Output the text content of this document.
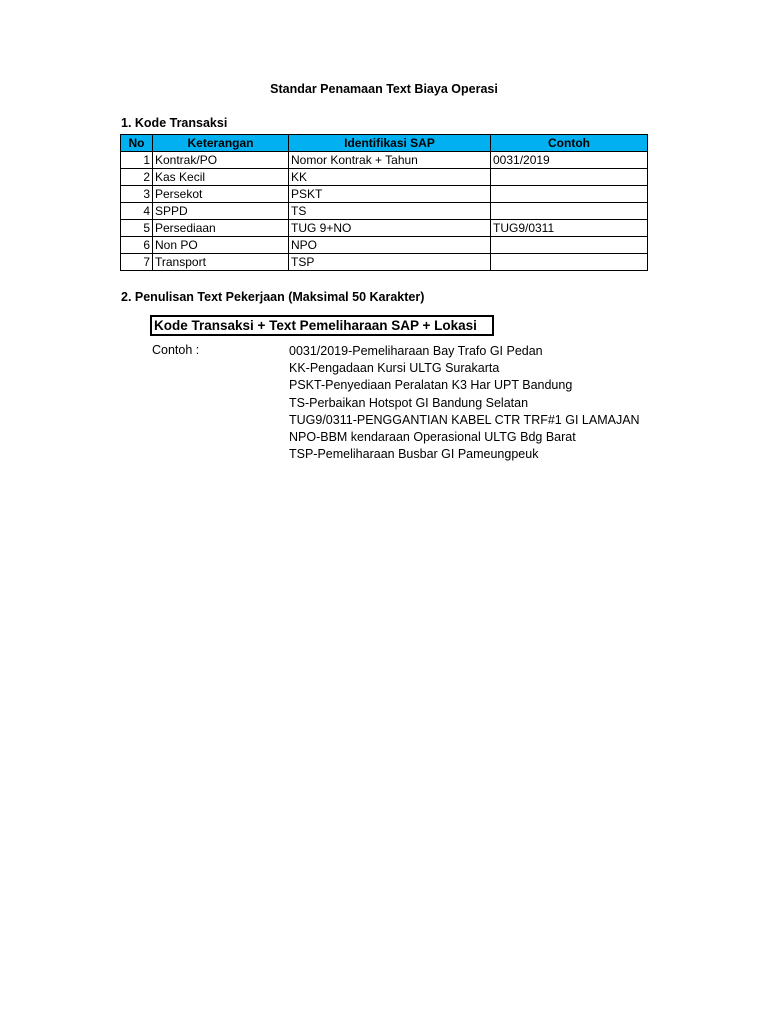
Standar Penamaan Text Biaya Operasi
1. Kode Transaksi
No	Keterangan	Identifikasi SAP	Contoh
1	Kontrak/PO	Nomor Kontrak + Tahun	0031/2019
2	Kas Kecil	KK	
3	Persekot	PSKT	
4	SPPD	TS	
5	Persediaan	TUG 9+NO	TUG9/0311
6	Non PO	NPO	
7	Transport	TSP	
2. Penulisan Text Pekerjaan (Maksimal 50 Karakter)
Kode Transaksi + Text Pemeliharaan SAP + Lokasi
Contoh :	0031/2019-Pemeliharaan Bay Trafo GI Pedan
KK-Pengadaan Kursi ULTG Surakarta
PSKT-Penyediaan Peralatan K3 Har UPT Bandung
TS-Perbaikan Hotspot GI Bandung Selatan
TUG9/0311-PENGGANTIAN KABEL CTR TRF#1 GI LAMAJAN
NPO-BBM kendaraan Operasional ULTG Bdg Barat
TSP-Pemeliharaan Busbar GI Pameungpeuk
